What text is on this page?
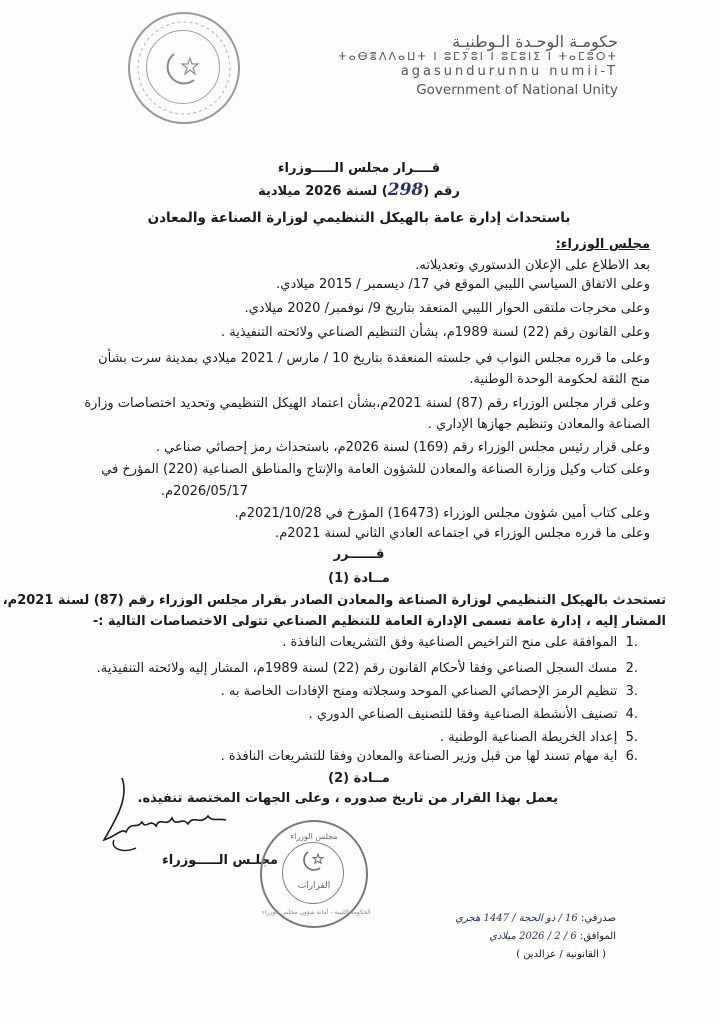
حكومـة الوحـدة الـوطنيـة
ⵜⴰⴱⴻⴷⴷⴰⵡⵜ ⵏ ⵓⵎⵢⵓⵏ ⵏ ⵓⵎⵓⵏⵉ ⵏ ⵜⴰⵎⵓⵔⵜ
agasundurunnu numii-T
Government of National Unity
قــــرار مجلس الـــــوزراء
رقم (298) لسنة 2026 ميلادية
باستحداث إدارة عامة بالهيكل التنظيمي لوزارة الصناعة والمعادن
مجلس الوزراء:
بعد الاطلاع على الإعلان الدستوري وتعديلاته.
وعلى الاتفاق السياسي الليبي الموقع في 17/ ديسمبر / 2015 ميلادي.
وعلى مخرجات ملتقى الحوار الليبي المنعقد بتاريخ 9/ نوفمبر/ 2020 ميلادي.
وعلى القانون رقم (22) لسنة 1989م، بشأن التنظيم الصناعي ولائحته التنفيذية .
وعلى ما قرره مجلس النواب في جلسته المنعقدة بتاريخ 10 / مارس / 2021 ميلادي بمدينة سرت بشأن
منح الثقة لحكومة الوحدة الوطنية.
وعلى قرار مجلس الوزراء رقم (87) لسنة 2021م،بشأن اعتماد الهيكل التنظيمي وتحديد اختصاصات وزارة
الصناعة والمعادن وتنظيم جهازها الإداري .
وعلى قرار رئيس مجلس الوزراء رقم (169) لسنة 2026م، باستحداث رمز إحصائي صناعي .
وعلى كتاب وكيل وزارة الصناعة والمعادن للشؤون العامة والإنتاج والمناطق الصناعية (220) المؤرخ في
2026/05/17م.
وعلى كتاب أمين شؤون مجلس الوزراء (16473) المؤرخ في 2021/10/28م.
وعلى ما قرره مجلس الوزراء في اجتماعه العادي الثاني لسنة 2021م.
قــــــرر
مــادة (1)
تستحدث بالهيكل التنظيمي لوزارة الصناعة والمعادن الصادر بقرار مجلس الوزراء رقم (87) لسنة 2021م،
المشار إليه ، إدارة عامة تسمى الإدارة العامة للتنظيم الصناعي تتولى الاختصاصات التالية :-
.1  الموافقة على منح التراخيص الصناعية وفق التشريعات النافذة .
.2  مسك السجل الصناعي وفقا لأحكام القانون رقم (22) لسنة 1989م، المشار إليه ولائحته التنفيذية.
.3  تنظيم الرمز الإحصائي الصناعي الموحد وسجلاته ومنح الإفادات الخاصة به .
.4  تصنيف الأنشطة الصناعية وفقا للتصنيف الصناعي الدوري .
.5  إعداد الخريطة الصناعية الوطنية .
.6  اية مهام تسند لها من قبل وزير الصناعة والمعادن وفقا للتشريعات النافذة .
مــادة (2)
يعمل بهذا القرار من تاريخ صدوره ، وعلى الجهات المختصة تنفيذه.
مجلـس الـــــوزراء
مجلس الوزراء
القرارات
الحكومة الليبية - أمانة شؤون مجلس الوزراء
صدرفي: 16 / ذو الحجة / 1447 هجري
الموافق: 6 / 2 / 2026 ميلادي
( القانونية / عزالدين )
